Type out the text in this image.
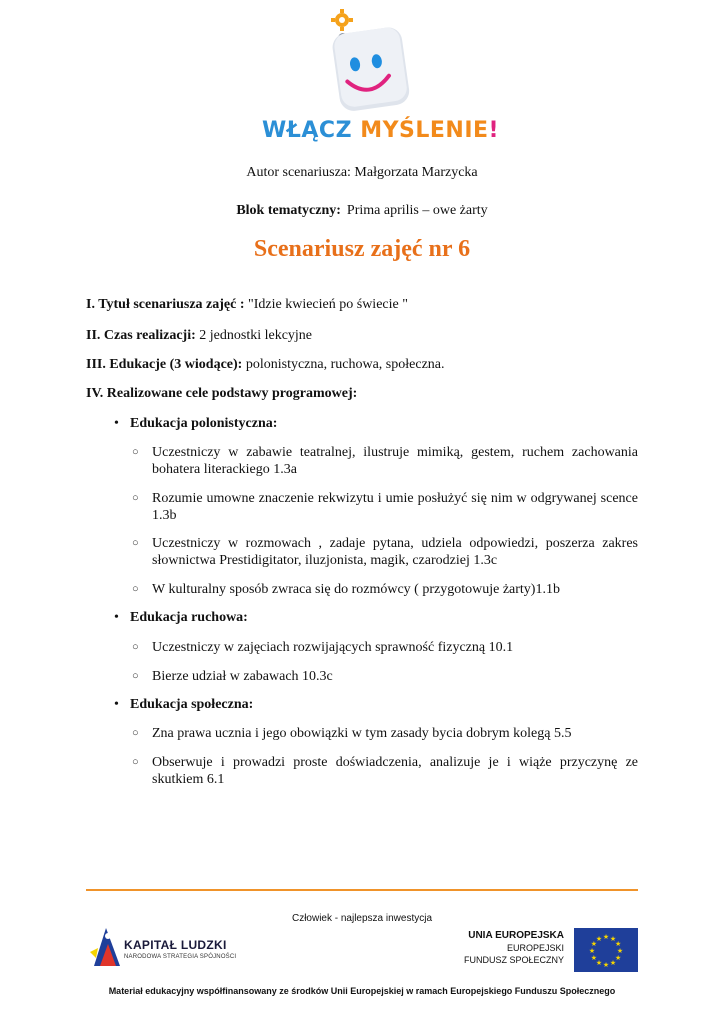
WŁĄCZ MYŚLENIE!
Autor scenariusza: Małgorzata Marzycka
Blok tematyczny: Prima aprilis – owe żarty
Scenariusz zajęć nr 6
I. Tytuł scenariusza zajęć : "Idzie kwiecień po świecie "
II. Czas realizacji: 2 jednostki lekcyjne
III. Edukacje (3 wiodące): polonistyczna, ruchowa, społeczna.
IV. Realizowane cele podstawy programowej:
• Edukacja polonistyczna:
○ Uczestniczy w zabawie teatralnej, ilustruje mimiką, gestem, ruchem zachowania bohatera literackiego 1.3a
○ Rozumie umowne znaczenie rekwizytu i umie posłużyć się nim w odgrywanej scence 1.3b
○ Uczestniczy w rozmowach , zadaje pytana, udziela odpowiedzi, poszerza zakres słownictwa Prestidigitator, iluzjonista, magik, czarodziej 1.3c
○ W kulturalny sposób zwraca się do rozmówcy ( przygotowuje żarty)1.1b
• Edukacja ruchowa:
○ Uczestniczy w zajęciach rozwijających sprawność fizyczną 10.1
○ Bierze udział w zabawach 10.3c
• Edukacja społeczna:
○ Zna prawa ucznia i jego obowiązki w tym zasady bycia dobrym kolegą 5.5
○ Obserwuje i prowadzi proste doświadczenia, analizuje je i wiąże przyczynę ze skutkiem 6.1
Człowiek - najlepsza inwestycja
KAPITAŁ LUDZKI
NARODOWA STRATEGIA SPÓJNOŚCI
UNIA EUROPEJSKA
EUROPEJSKI
FUNDUSZ SPOŁECZNY
★
★
★
★
★
★
★
★
★ ★ ★
★
Materiał edukacyjny współfinansowany ze środków Unii Europejskiej w ramach Europejskiego Funduszu Społecznego
